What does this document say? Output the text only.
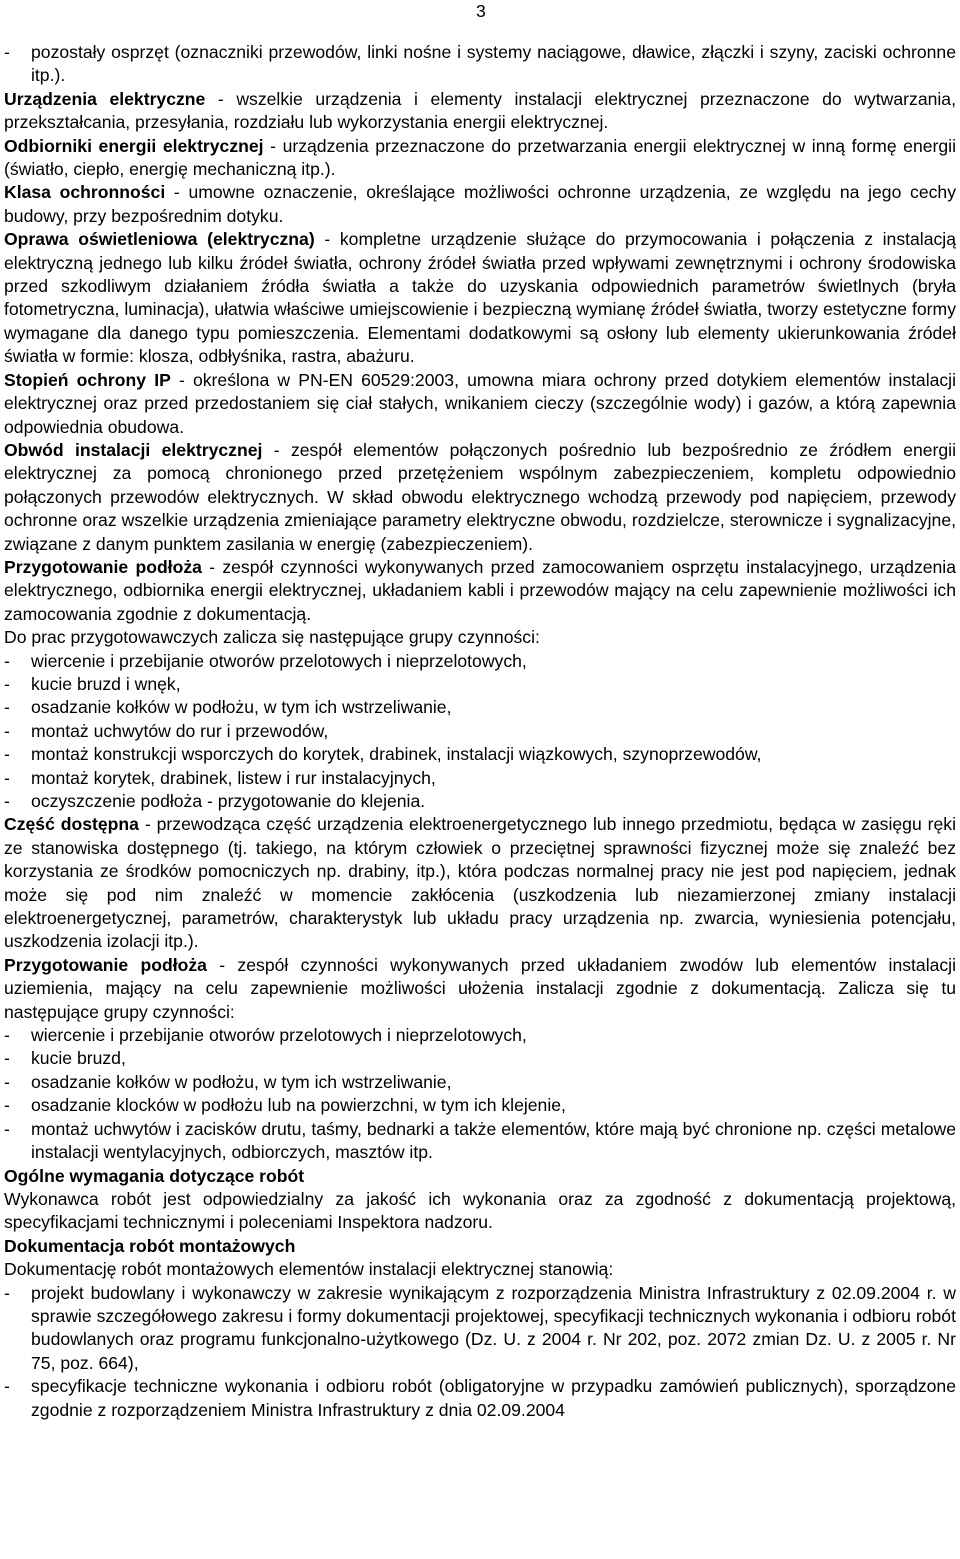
3
- pozostały osprzęt (oznaczniki przewodów, linki nośne i systemy naciągowe, dławice, złączki i szyny, zaciski ochronne itp.).

Urządzenia elektryczne - wszelkie urządzenia i elementy instalacji elektrycznej przeznaczone do wytwarzania, przekształcania, przesyłania, rozdziału lub wykorzystania energii elektrycznej.

Odbiorniki energii elektrycznej - urządzenia przeznaczone do przetwarzania energii elektrycznej w inną formę energii (światło, ciepło, energię mechaniczną itp.).

Klasa ochronności - umowne oznaczenie, określające możliwości ochronne urządzenia, ze względu na jego cechy budowy, przy bezpośrednim dotyku.

Oprawa oświetleniowa (elektryczna) - kompletne urządzenie służące do przymocowania i połączenia z instalacją elektryczną jednego lub kilku źródeł światła, ochrony źródeł światła przed wpływami zewnętrznymi i ochrony środowiska przed szkodliwym działaniem źródła światła a także do uzyskania odpowiednich parametrów świetlnych (bryła fotometryczna, luminacja), ułatwia właściwe umiejscowienie i bezpieczną wymianę źródeł światła, tworzy estetyczne formy wymagane dla danego typu pomieszczenia. Elementami dodatkowymi są osłony lub elementy ukierunkowania źródeł światła w formie: klosza, odbłyśnika, rastra, abażuru.

Stopień ochrony IP - określona w PN-EN 60529:2003, umowna miara ochrony przed dotykiem elementów instalacji elektrycznej oraz przed przedostaniem się ciał stałych, wnikaniem cieczy (szczególnie wody) i gazów, a którą zapewnia odpowiednia obudowa.

Obwód instalacji elektrycznej - zespół elementów połączonych pośrednio lub bezpośrednio ze źródłem energii elektrycznej za pomocą chronionego przed przetężeniem wspólnym zabezpieczeniem, kompletu odpowiednio połączonych przewodów elektrycznych. W skład obwodu elektrycznego wchodzą przewody pod napięciem, przewody ochronne oraz wszelkie urządzenia zmieniające parametry elektryczne obwodu, rozdzielcze, sterownicze i sygnalizacyjne, związane z danym punktem zasilania w energię (zabezpieczeniem).

Przygotowanie podłoża - zespół czynności wykonywanych przed zamocowaniem osprzętu instalacyjnego, urządzenia elektrycznego, odbiornika energii elektrycznej, układaniem kabli i przewodów mający na celu zapewnienie możliwości ich zamocowania zgodnie z dokumentacją.

Do prac przygotowawczych zalicza się następujące grupy czynności:

- wiercenie i przebijanie otworów przelotowych i nieprzelotowych,
- kucie bruzd i wnęk,
- osadzanie kołków w podłożu, w tym ich wstrzeliwanie,
- montaż uchwytów do rur i przewodów,
- montaż konstrukcji wsporczych do korytek, drabinek, instalacji wiązkowych, szynoprzewodów,
- montaż korytek, drabinek, listew i rur instalacyjnych,
- oczyszczenie podłoża - przygotowanie do klejenia.

Część dostępna - przewodząca część urządzenia elektroenergetycznego lub innego przedmiotu, będąca w zasięgu ręki ze stanowiska dostępnego (tj. takiego, na którym człowiek o przeciętnej sprawności fizycznej może się znaleźć bez korzystania ze środków pomocniczych np. drabiny, itp.), która podczas normalnej pracy nie jest pod napięciem, jednak może się pod nim znaleźć w momencie zakłócenia (uszkodzenia lub niezamierzonej zmiany instalacji elektroenergetycznej, parametrów, charakterystyk lub układu pracy urządzenia np. zwarcia, wyniesienia potencjału, uszkodzenia izolacji itp.).

Przygotowanie podłoża - zespół czynności wykonywanych przed układaniem zwodów lub elementów instalacji uziemienia, mający na celu zapewnienie możliwości ułożenia instalacji zgodnie z dokumentacją. Zalicza się tu następujące grupy czynności:

- wiercenie i przebijanie otworów przelotowych i nieprzelotowych,
- kucie bruzd,
- osadzanie kołków w podłożu, w tym ich wstrzeliwanie,
- osadzanie klocków w podłożu lub na powierzchni, w tym ich klejenie,
- montaż uchwytów i zacisków drutu, taśmy, bednarki a także elementów, które mają być chronione np. części metalowe instalacji wentylacyjnych, odbiorczych, masztów itp.
Ogólne wymagania dotyczące robót

Wykonawca robót jest odpowiedzialny za jakość ich wykonania oraz za zgodność z dokumentacją projektową, specyfikacjami technicznymi i poleceniami Inspektora nadzoru.

Dokumentacja robót montażowych

Dokumentację robót montażowych elementów instalacji elektrycznej stanowią:

- projekt budowlany i wykonawczy w zakresie wynikającym z rozporządzenia Ministra Infrastruktury z 02.09.2004 r. w sprawie szczegółowego zakresu i formy dokumentacji projektowej, specyfikacji technicznych wykonania i odbioru robót budowlanych oraz programu funkcjonalno-użytkowego (Dz. U. z 2004 r. Nr 202, poz. 2072 zmian Dz. U. z 2005 r. Nr 75, poz. 664),
- specyfikacje techniczne wykonania i odbioru robót (obligatoryjne w przypadku zamówień publicznych), sporządzone zgodnie z rozporządzeniem Ministra Infrastruktury z dnia 02.09.2004
